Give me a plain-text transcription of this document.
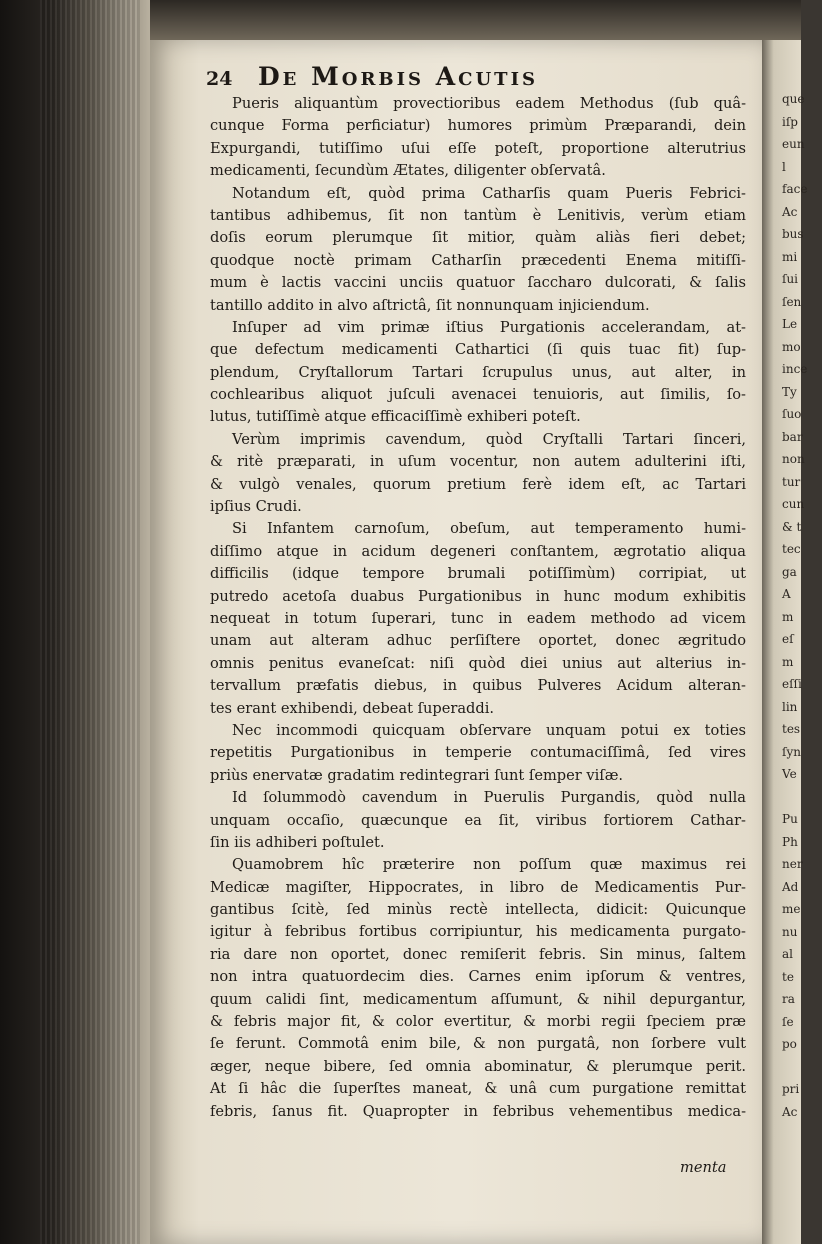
que
iſp
eun
l
face
Ac
bus
mi
ſui
ſen
Le
mo
ince
Ty
ſuo
bar
non
tur
cun
& t
tec
ga
A
m
eſ
m
eſſi
lin
tes
ſyn
Ve
Pu
Ph
ner
Ad
me
nu
al
te
ra
ſe
po
pri
Ac
24	De Morbis Acutis
Pueris aliquantùm provectioribus eadem Methodus (ſub quâ-
cunque Forma perficiatur) humores primùm Præparandi, dein
Expurgandi, tutiſſimo uſui eſſe poteſt, proportione alterutrius
medicamenti, ſecundùm Ætates, diligenter obſervatâ.
Notandum eſt, quòd prima Catharſis quam Pueris Febrici-
tantibus adhibemus, ſit non tantùm è Lenitivis, verùm etiam
doſis eorum plerumque ſit mitior, quàm aliàs fieri debet;
quodque noctè primam Catharſin præcedenti Enema mitiſſi-
mum è lactis vaccini unciis quatuor ſaccharo dulcorati, & ſalis
tantillo addito in alvo aſtrictâ, ſit nonnunquam injiciendum.
Inſuper ad vim primæ iſtius Purgationis accelerandam, at-
que defectum medicamenti Cathartici (ſi quis tuac fit) ſup-
plendum, Cryſtallorum Tartari ſcrupulus unus, aut alter, in
cochlearibus aliquot juſculi avenacei tenuioris, aut ſimilis, ſo-
lutus, tutiſſimè atque efficaciſſimè exhiberi poteſt.
Verùm imprimis cavendum, quòd Cryſtalli Tartari ſinceri,
& ritè præparati, in uſum vocentur, non autem adulterini iſti,
& vulgò venales, quorum pretium ferè idem eſt, ac Tartari
ipſius Crudi.
Si Infantem carnoſum, obeſum, aut temperamento humi-
diſſimo atque in acidum degeneri conſtantem, ægrotatio aliqua
difficilis (idque tempore brumali potiſſimùm) corripiat, ut
putredo acetoſa duabus Purgationibus in hunc modum exhibitis
nequeat in totum ſuperari, tunc in eadem methodo ad vicem
unam aut alteram adhuc perſiſtere oportet, donec ægritudo
omnis penitus evaneſcat: niſi quòd diei unius aut alterius in-
tervallum præfatis diebus, in quibus Pulveres Acidum alteran-
tes erant exhibendi, debeat ſuperaddi.
Nec incommodi quicquam obſervare unquam potui ex toties
repetitis Purgationibus in temperie contumaciſſimâ, ſed vires
priùs enervatæ gradatim redintegrari ſunt ſemper viſæ.
Id ſolummodò cavendum in Puerulis Purgandis, quòd nulla
unquam occaſio, quæcunque ea ſit, viribus fortiorem Cathar-
ſin iis adhiberi poſtulet.
Quamobrem hîc præterire non poſſum quæ maximus rei
Medicæ magiſter, Hippocrates, in libro de Medicamentis Pur-
gantibus ſcitè, ſed minùs rectè intellecta, didicit: Quicunque
igitur à febribus fortibus corripiuntur, his medicamenta purgato-
ria dare non oportet, donec remiſerit febris. Sin minus, ſaltem
non intra quatuordecim dies. Carnes enim ipſorum & ventres,
quum calidi ſint, medicamentum aſſumunt, & nihil depurgantur,
& febris major fit, & color evertitur, & morbi regii ſpeciem præ
ſe ferunt. Commotâ enim bile, & non purgatâ, non ſorbere vult
æger, neque bibere, ſed omnia abominatur, & plerumque perit.
At ſi hâc die ſuperſtes maneat, & unâ cum purgatione remittat
febris, ſanus fit. Quapropter in febribus vehementibus medica-
menta
